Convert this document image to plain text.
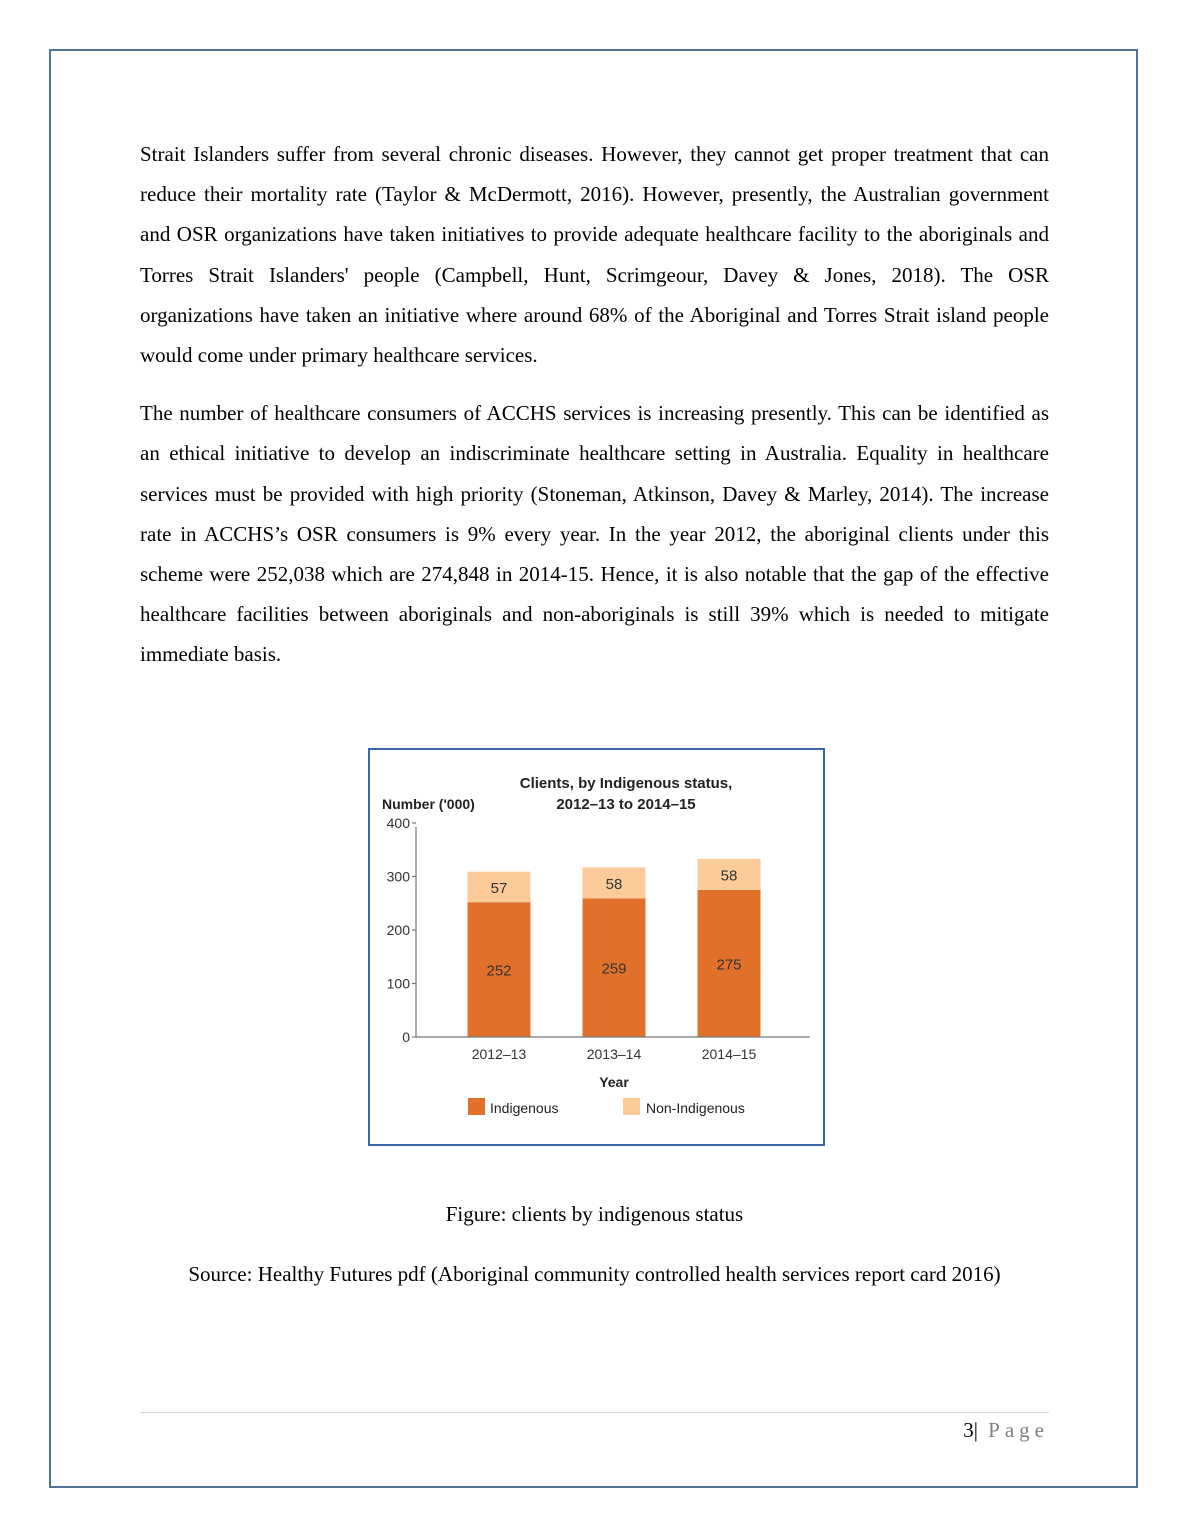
Strait Islanders suffer from several chronic diseases. However, they cannot get proper treatment that can reduce their mortality rate (Taylor & McDermott, 2016). However, presently, the Australian government and OSR organizations have taken initiatives to provide adequate healthcare facility to the aboriginals and Torres Strait Islanders' people (Campbell, Hunt, Scrimgeour, Davey & Jones, 2018). The OSR organizations have taken an initiative where around 68% of the Aboriginal and Torres Strait island people would come under primary healthcare services.

The number of healthcare consumers of ACCHS services is increasing presently. This can be identified as an ethical initiative to develop an indiscriminate healthcare setting in Australia. Equality in healthcare services must be provided with high priority (Stoneman, Atkinson, Davey & Marley, 2014). The increase rate in ACCHS’s OSR consumers is 9% every year. In the year 2012, the aboriginal clients under this scheme were 252,038 which are 274,848 in 2014-15. Hence, it is also notable that the gap of the effective healthcare facilities between aboriginals and non-aboriginals is still 39% which is needed to mitigate immediate basis.

Clients, by Indigenous status,
2012–13 to 2014–15
Number ('000)
0
100
200
300
400
252
57
259
58
275
58
2012–13	2013–14	2014–15
Year
Indigenous	Non-Indigenous
Figure: clients by indigenous status
Source: Healthy Futures pdf (Aboriginal community controlled health services report card 2016)
3| Page
